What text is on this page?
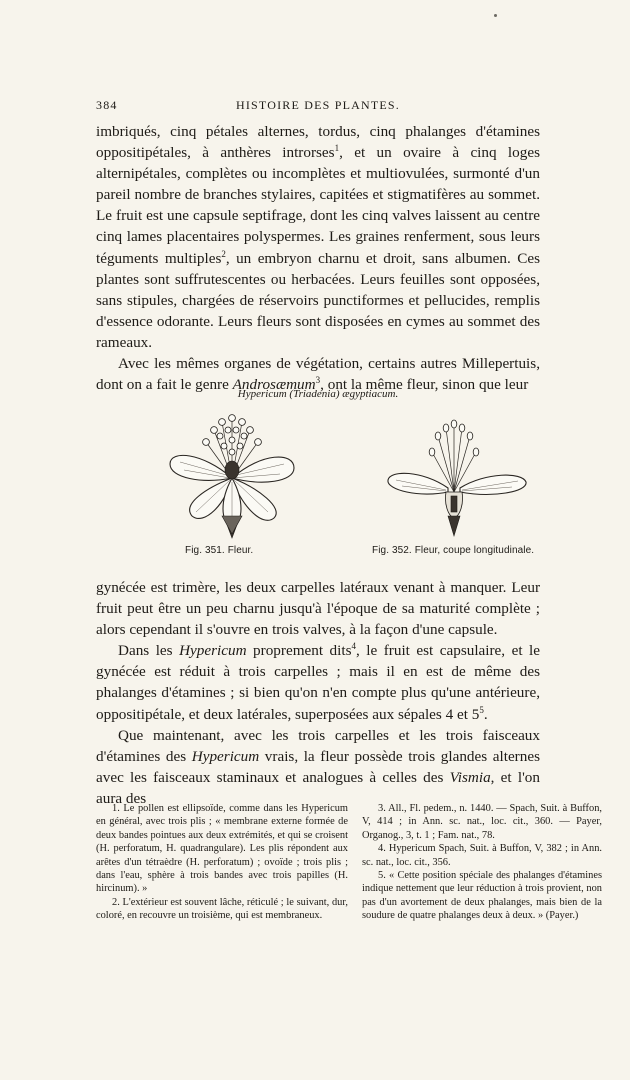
384	HISTOIRE DES PLANTES.

imbriqués, cinq pétales alternes, tordus, cinq phalanges d'étamines oppositipétales, à anthères introrses$^1$, et un ovaire à cinq loges alternipétales, complètes ou incomplètes et multiovulées, surmonté d'un pareil nombre de branches stylaires, capitées et stigmatifères au sommet. Le fruit est une capsule septifrage, dont les cinq valves laissent au centre cinq lames placentaires polyspermes. Les graines renferment, sous leurs téguments multiples$^2$, un embryon charnu et droit, sans albumen. Ces plantes sont suffrutescentes ou herbacées. Leurs feuilles sont opposées, sans stipules, chargées de réservoirs punctiformes et pellucides, remplis d'essence odorante. Leurs fleurs sont disposées en cymes au sommet des rameaux.

Avec les mêmes organes de végétation, certains autres Millepertuis, dont on a fait le genre Androsæmum$^3$, ont la même fleur, sinon que leur

Hypericum (Triadenia) ægyptiacum.
Fig. 351. Fleur.	Fig. 352. Fleur, coupe longitudinale.

gynécée est trimère, les deux carpelles latéraux venant à manquer. Leur fruit peut être un peu charnu jusqu'à l'époque de sa maturité complète ; alors cependant il s'ouvre en trois valves, à la façon d'une capsule.

Dans les Hypericum proprement dits$^4$, le fruit est capsulaire, et le gynécée est réduit à trois carpelles ; mais il en est de même des phalanges d'étamines ; si bien qu'on n'en compte plus qu'une antérieure, oppositipétale, et deux latérales, superposées aux sépales 4 et $5^5$.

Que maintenant, avec les trois carpelles et les trois faisceaux d'étamines des Hypericum vrais, la fleur possède trois glandes alternes avec les faisceaux staminaux et analogues à celles des Vismia, et l'on aura des

1. Le pollen est ellipsoïde, comme dans les Hypericum en général, avec trois plis ; « membrane externe formée de deux bandes pointues aux deux extrémités, et qui se croisent (H. perforatum, H. quadrangulare). Les plis répondent aux arêtes d'un tétraèdre (H. perforatum) ; ovoïde ; trois plis ; dans l'eau, sphère à trois bandes avec trois papilles (H. hircinum). »

2. L'extérieur est souvent lâche, réticulé ; le suivant, dur, coloré, en recouvre un troisième, qui est membraneux.

3. All., Fl. pedem., n. 1440. — Spach, Suit. à Buffon, V, 414 ; in Ann. sc. nat., loc. cit., 360. — Payer, Organog., 3, t. 1 ; Fam. nat., 78.

4. Hypericum Spach, Suit. à Buffon, V, 382 ; in Ann. sc. nat., loc. cit., 356.

5. « Cette position spéciale des phalanges d'étamines indique nettement que leur réduction à trois provient, non pas d'un avortement de deux phalanges, mais bien de la soudure de quatre phalanges deux à deux. » (Payer.)
